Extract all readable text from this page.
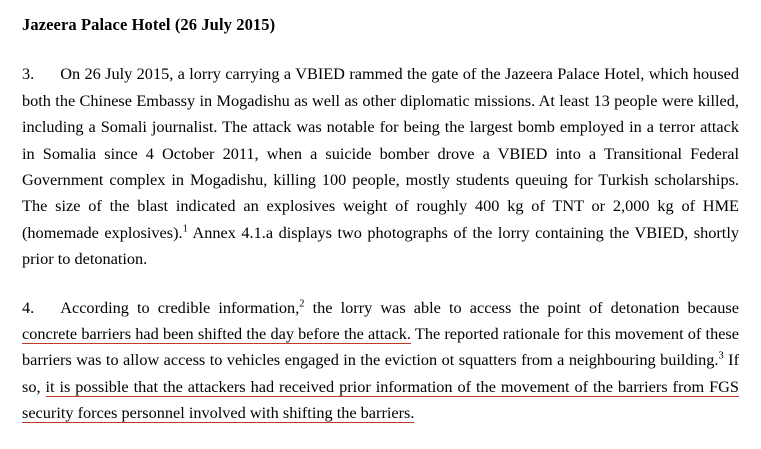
Jazeera Palace Hotel (26 July 2015)

3. On 26 July 2015, a lorry carrying a VBIED rammed the gate of the Jazeera Palace Hotel, which housed both the Chinese Embassy in Mogadishu as well as other diplomatic missions. At least 13 people were killed, including a Somali journalist. The attack was notable for being the largest bomb employed in a terror attack in Somalia since 4 October 2011, when a suicide bomber drove a VBIED into a Transitional Federal Government complex in Mogadishu, killing 100 people, mostly students queuing for Turkish scholarships. The size of the blast indicated an explosives weight of roughly 400 kg of TNT or 2,000 kg of HME (homemade explosives).$^1$ Annex 4.1.a displays two photographs of the lorry containing the VBIED, shortly prior to detonation.

4. According to credible information,$^2$ the lorry was able to access the point of detonation because concrete barriers had been shifted the day before the attack. The reported rationale for this movement of these barriers was to allow access to vehicles engaged in the eviction ot squatters from a neighbouring building.$^3$ If so, it is possible that the attackers had received prior information of the movement of the barriers from FGS security forces personnel involved with shifting the barriers.
